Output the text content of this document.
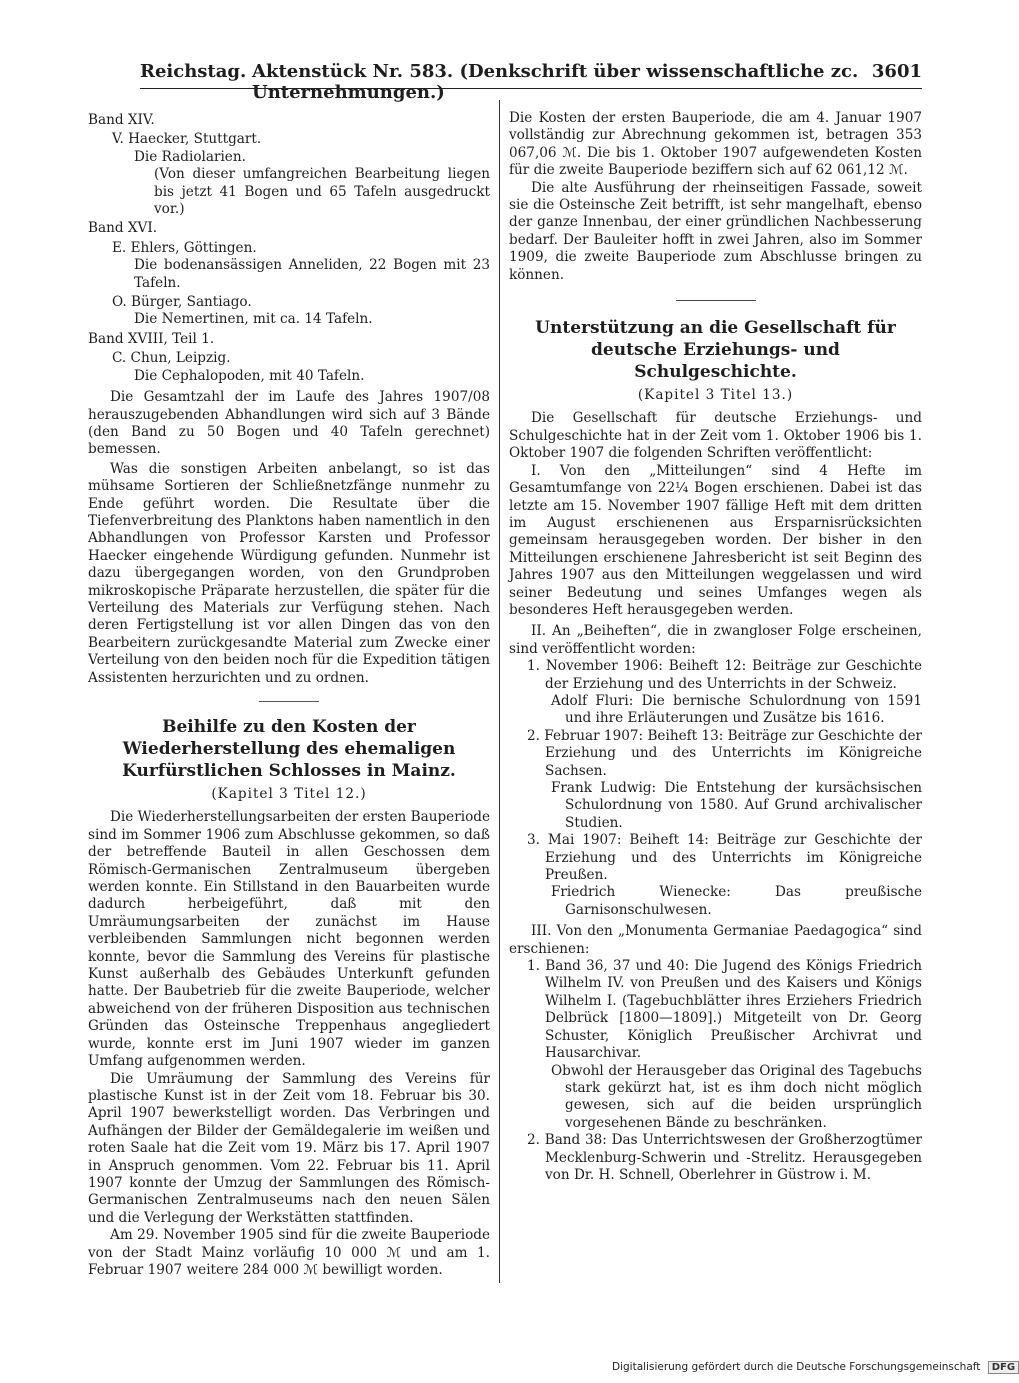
Reichstag. Aktenstück Nr. 583. (Denkschrift über wissenschaftliche zc. Unternehmungen.)
3601

Band XIV.

V. Haecker, Stuttgart.

Die Radiolarien.

(Von dieser umfangreichen Bearbeitung liegen bis jetzt 41 Bogen und 65 Tafeln ausgedruckt vor.)

Band XVI.

E. Ehlers, Göttingen.

Die bodenansässigen Anneliden, 22 Bogen mit 23 Tafeln.

O. Bürger, Santiago.

Die Nemertinen, mit ca. 14 Tafeln.

Band XVIII, Teil 1.

C. Chun, Leipzig.

Die Cephalopoden, mit 40 Tafeln.

Die Gesamtzahl der im Laufe des Jahres 1907/08 herauszugebenden Abhandlungen wird sich auf 3 Bände (den Band zu 50 Bogen und 40 Tafeln gerechnet) bemessen.

Was die sonstigen Arbeiten anbelangt, so ist das mühsame Sortieren der Schließnetzfänge nunmehr zu Ende geführt worden. Die Resultate über die Tiefenverbreitung des Planktons haben namentlich in den Abhandlungen von Professor Karsten und Professor Haecker eingehende Würdigung gefunden. Nunmehr ist dazu übergegangen worden, von den Grundproben mikroskopische Präparate herzustellen, die später für die Verteilung des Materials zur Verfügung stehen. Nach deren Fertigstellung ist vor allen Dingen das von den Bearbeitern zurückgesandte Material zum Zwecke einer Verteilung von den beiden noch für die Expedition tätigen Assistenten herzurichten und zu ordnen.

Beihilfe zu den Kosten der Wiederherstellung des ehemaligen Kurfürstlichen Schlosses in Mainz.

(Kapitel 3 Titel 12.)

Die Wiederherstellungsarbeiten der ersten Bauperiode sind im Sommer 1906 zum Abschlusse gekommen, so daß der betreffende Bauteil in allen Geschossen dem Römisch-Germanischen Zentralmuseum übergeben werden konnte. Ein Stillstand in den Bauarbeiten wurde dadurch herbeigeführt, daß mit den Umräumungsarbeiten der zunächst im Hause verbleibenden Sammlungen nicht begonnen werden konnte, bevor die Sammlung des Vereins für plastische Kunst außerhalb des Gebäudes Unterkunft gefunden hatte. Der Baubetrieb für die zweite Bauperiode, welcher abweichend von der früheren Disposition aus technischen Gründen das Osteinsche Treppenhaus angegliedert wurde, konnte erst im Juni 1907 wieder im ganzen Umfang aufgenommen werden.

Die Umräumung der Sammlung des Vereins für plastische Kunst ist in der Zeit vom 18. Februar bis 30. April 1907 bewerkstelligt worden. Das Verbringen und Aufhängen der Bilder der Gemäldegalerie im weißen und roten Saale hat die Zeit vom 19. März bis 17. April 1907 in Anspruch genommen. Vom 22. Februar bis 11. April 1907 konnte der Umzug der Sammlungen des Römisch-Germanischen Zentralmuseums nach den neuen Sälen und die Verlegung der Werkstätten stattfinden.

Am 29. November 1905 sind für die zweite Bauperiode von der Stadt Mainz vorläufig 10 000 ℳ und am 1. Februar 1907 weitere 284 000 ℳ bewilligt worden.

Die Kosten der ersten Bauperiode, die am 4. Januar 1907 vollständig zur Abrechnung gekommen ist, betragen 353 067,06 ℳ. Die bis 1. Oktober 1907 aufgewendeten Kosten für die zweite Bauperiode beziffern sich auf 62 061,12 ℳ.

Die alte Ausführung der rheinseitigen Fassade, soweit sie die Osteinsche Zeit betrifft, ist sehr mangelhaft, ebenso der ganze Innenbau, der einer gründlichen Nachbesserung bedarf. Der Bauleiter hofft in zwei Jahren, also im Sommer 1909, die zweite Bauperiode zum Abschlusse bringen zu können.

Unterstützung an die Gesellschaft für deutsche Erziehungs- und Schulgeschichte.

(Kapitel 3 Titel 13.)

Die Gesellschaft für deutsche Erziehungs- und Schulgeschichte hat in der Zeit vom 1. Oktober 1906 bis 1. Oktober 1907 die folgenden Schriften veröffentlicht:

I. Von den „Mitteilungen“ sind 4 Hefte im Gesamtumfange von 22¼ Bogen erschienen. Dabei ist das letzte am 15. November 1907 fällige Heft mit dem dritten im August erschienenen aus Ersparnisrücksichten gemeinsam herausgegeben worden. Der bisher in den Mitteilungen erschienene Jahresbericht ist seit Beginn des Jahres 1907 aus den Mitteilungen weggelassen und wird seiner Bedeutung und seines Umfanges wegen als besonderes Heft herausgegeben werden.

II. An „Beiheften“, die in zwangloser Folge erscheinen, sind veröffentlicht worden:

1. November 1906: Beiheft 12: Beiträge zur Geschichte der Erziehung und des Unterrichts in der Schweiz.

Adolf Fluri: Die bernische Schulordnung von 1591 und ihre Erläuterungen und Zusätze bis 1616.

2. Februar 1907: Beiheft 13: Beiträge zur Geschichte der Erziehung und des Unterrichts im Königreiche Sachsen.

Frank Ludwig: Die Entstehung der kursächsischen Schulordnung von 1580. Auf Grund archivalischer Studien.

3. Mai 1907: Beiheft 14: Beiträge zur Geschichte der Erziehung und des Unterrichts im Königreiche Preußen.

Friedrich Wienecke: Das preußische Garnisonschulwesen.

III. Von den „Monumenta Germaniae Paedagogica“ sind erschienen:

1. Band 36, 37 und 40: Die Jugend des Königs Friedrich Wilhelm IV. von Preußen und des Kaisers und Königs Wilhelm I. (Tagebuchblätter ihres Erziehers Friedrich Delbrück [1800—1809].) Mitgeteilt von Dr. Georg Schuster, Königlich Preußischer Archivrat und Hausarchivar.

Obwohl der Herausgeber das Original des Tagebuchs stark gekürzt hat, ist es ihm doch nicht möglich gewesen, sich auf die beiden ursprünglich vorgesehenen Bände zu beschränken.

2. Band 38: Das Unterrichtswesen der Großherzogtümer Mecklenburg-Schwerin und -Strelitz. Herausgegeben von Dr. H. Schnell, Oberlehrer in Güstrow i. M.

Digitalisierung gefördert durch die Deutsche Forschungsgemeinschaft DFG
